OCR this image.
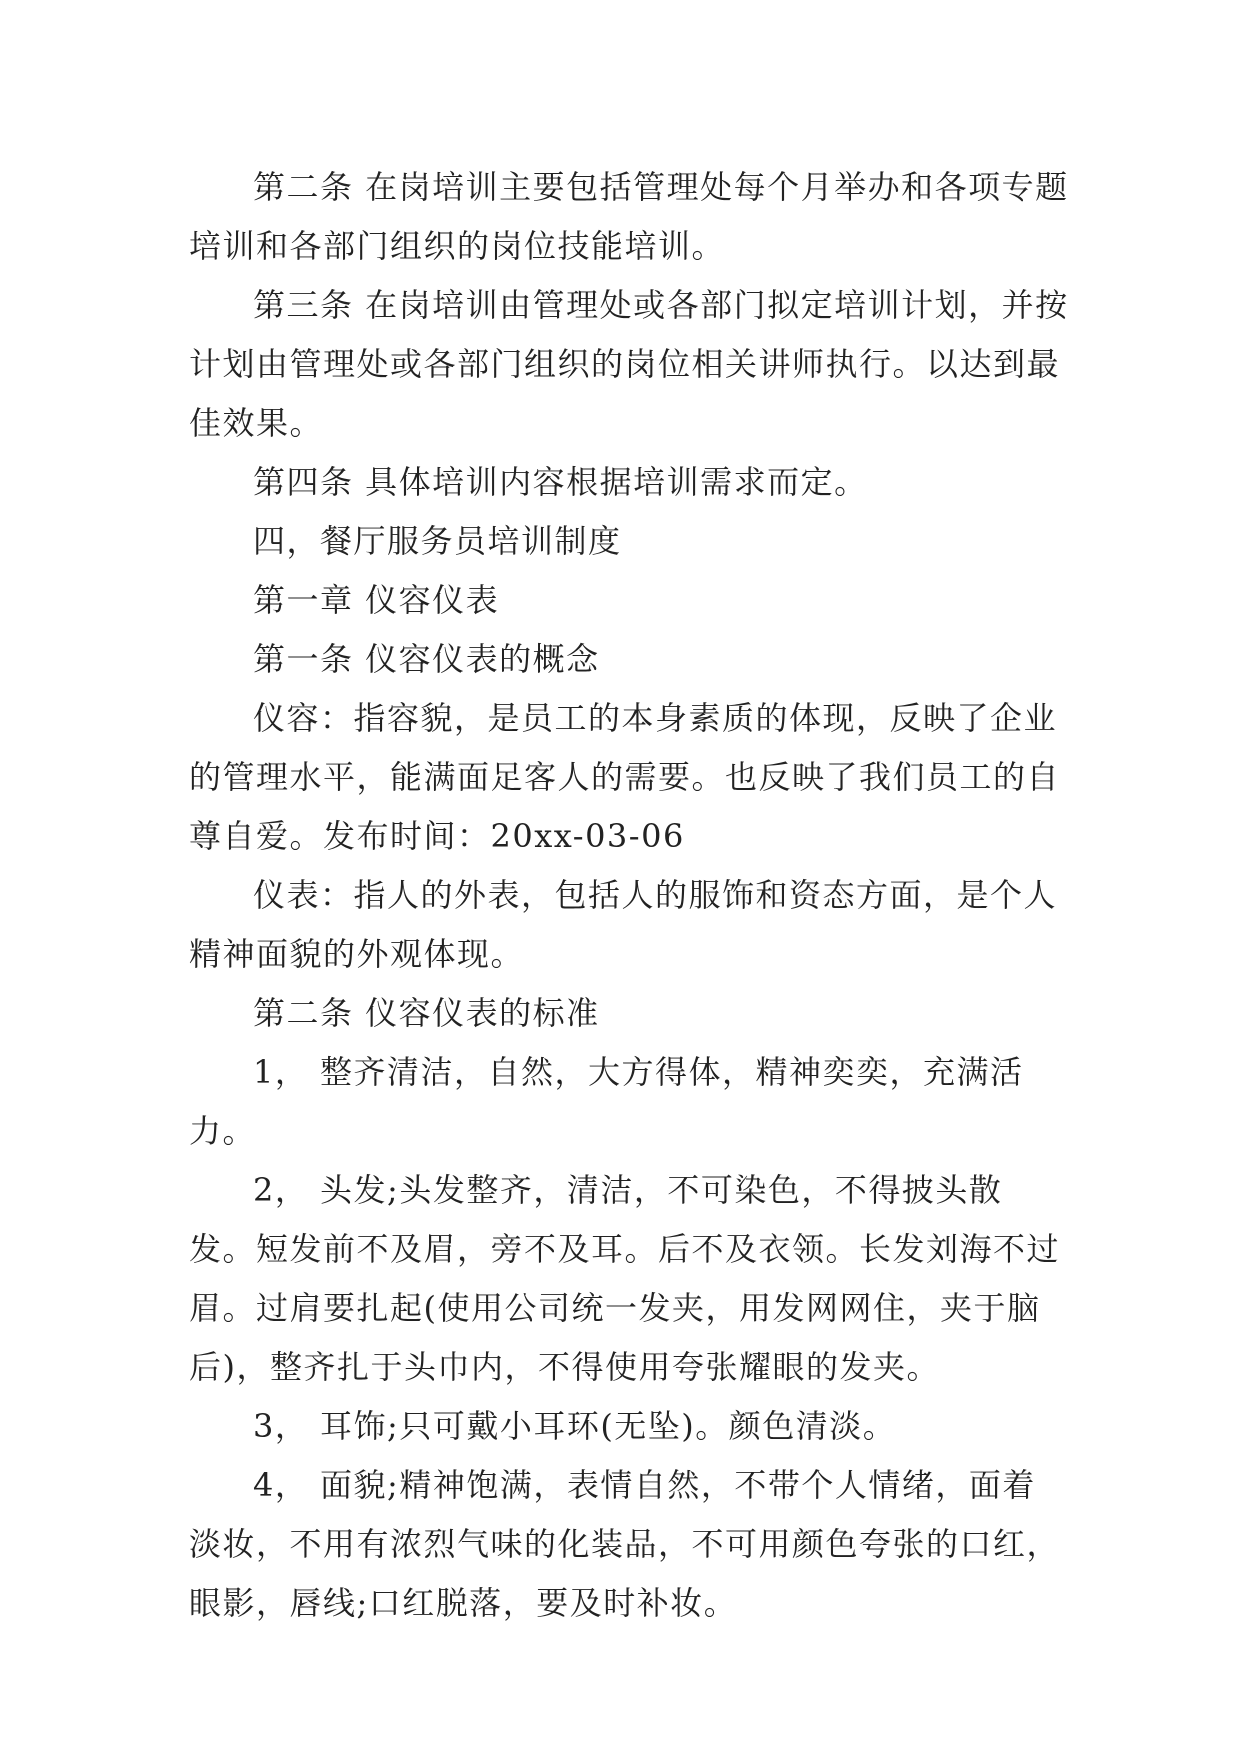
第二条 在岗培训主要包括管理处每个月举办和各项专题培训和各部门组织的岗位技能培训。

第三条 在岗培训由管理处或各部门拟定培训计划，并按计划由管理处或各部门组织的岗位相关讲师执行。以达到最佳效果。

第四条 具体培训内容根据培训需求而定。

四，餐厅服务员培训制度

第一章 仪容仪表

第一条 仪容仪表的概念

仪容：指容貌，是员工的本身素质的体现，反映了企业的管理水平，能满面足客人的需要。也反映了我们员工的自尊自爱。发布时间：20xx-03-06

仪表：指人的外表，包括人的服饰和资态方面，是个人精神面貌的外观体现。

第二条 仪容仪表的标准

1， 整齐清洁，自然，大方得体，精神奕奕，充满活力。

2， 头发;头发整齐，清洁，不可染色，不得披头散发。短发前不及眉，旁不及耳。后不及衣领。长发刘海不过眉。过肩要扎起(使用公司统一发夹，用发网网住，夹于脑后)，整齐扎于头巾内，不得使用夸张耀眼的发夹。

3， 耳饰;只可戴小耳环(无坠)。颜色清淡。

4， 面貌;精神饱满，表情自然，不带个人情绪，面着淡妆，不用有浓烈气味的化装品，不可用颜色夸张的口红，眼影，唇线;口红脱落，要及时补妆。
